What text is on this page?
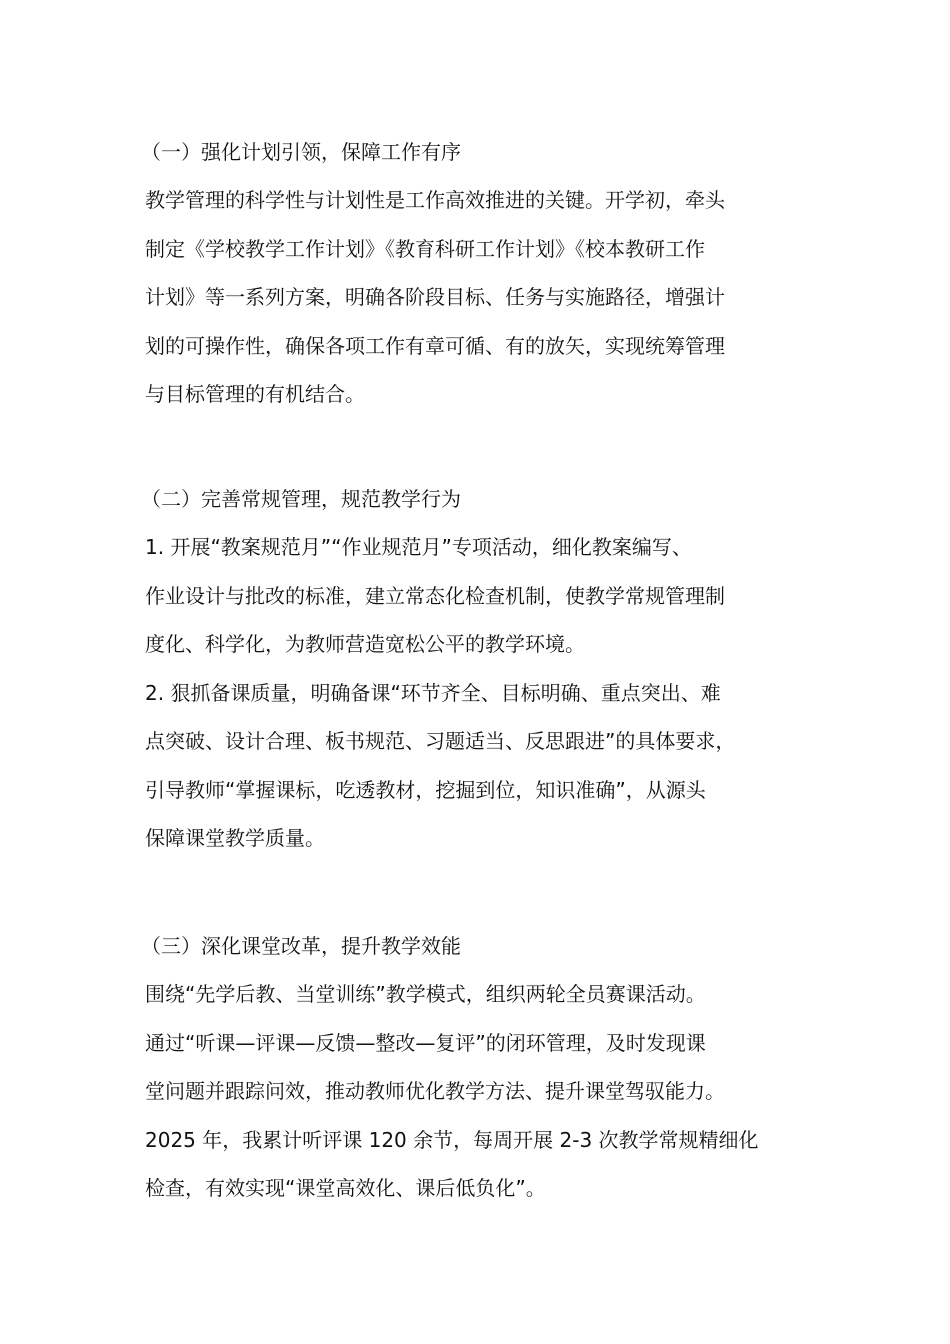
（一）强化计划引领，保障工作有序
教学管理的科学性与计划性是工作高效推进的关键。开学初，牵头
制定《学校教学工作计划》《教育科研工作计划》《校本教研工作
计划》等一系列方案，明确各阶段目标、任务与实施路径，增强计
划的可操作性，确保各项工作有章可循、有的放矢，实现统筹管理
与目标管理的有机结合。
（二）完善常规管理，规范教学行为
1. 开展“教案规范月”“作业规范月”专项活动，细化教案编写、
作业设计与批改的标准，建立常态化检查机制，使教学常规管理制
度化、科学化，为教师营造宽松公平的教学环境。
2. 狠抓备课质量，明确备课“环节齐全、目标明确、重点突出、难
点突破、设计合理、板书规范、习题适当、反思跟进”的具体要求，
引导教师“掌握课标，吃透教材，挖掘到位，知识准确”，从源头
保障课堂教学质量。
（三）深化课堂改革，提升教学效能
围绕“先学后教、当堂训练”教学模式，组织两轮全员赛课活动。
通过“听课—评课—反馈—整改—复评”的闭环管理，及时发现课
堂问题并跟踪问效，推动教师优化教学方法、提升课堂驾驭能力。
2025 年，我累计听评课 120 余节，每周开展 2-3 次教学常规精细化
检查，有效实现“课堂高效化、课后低负化”。
